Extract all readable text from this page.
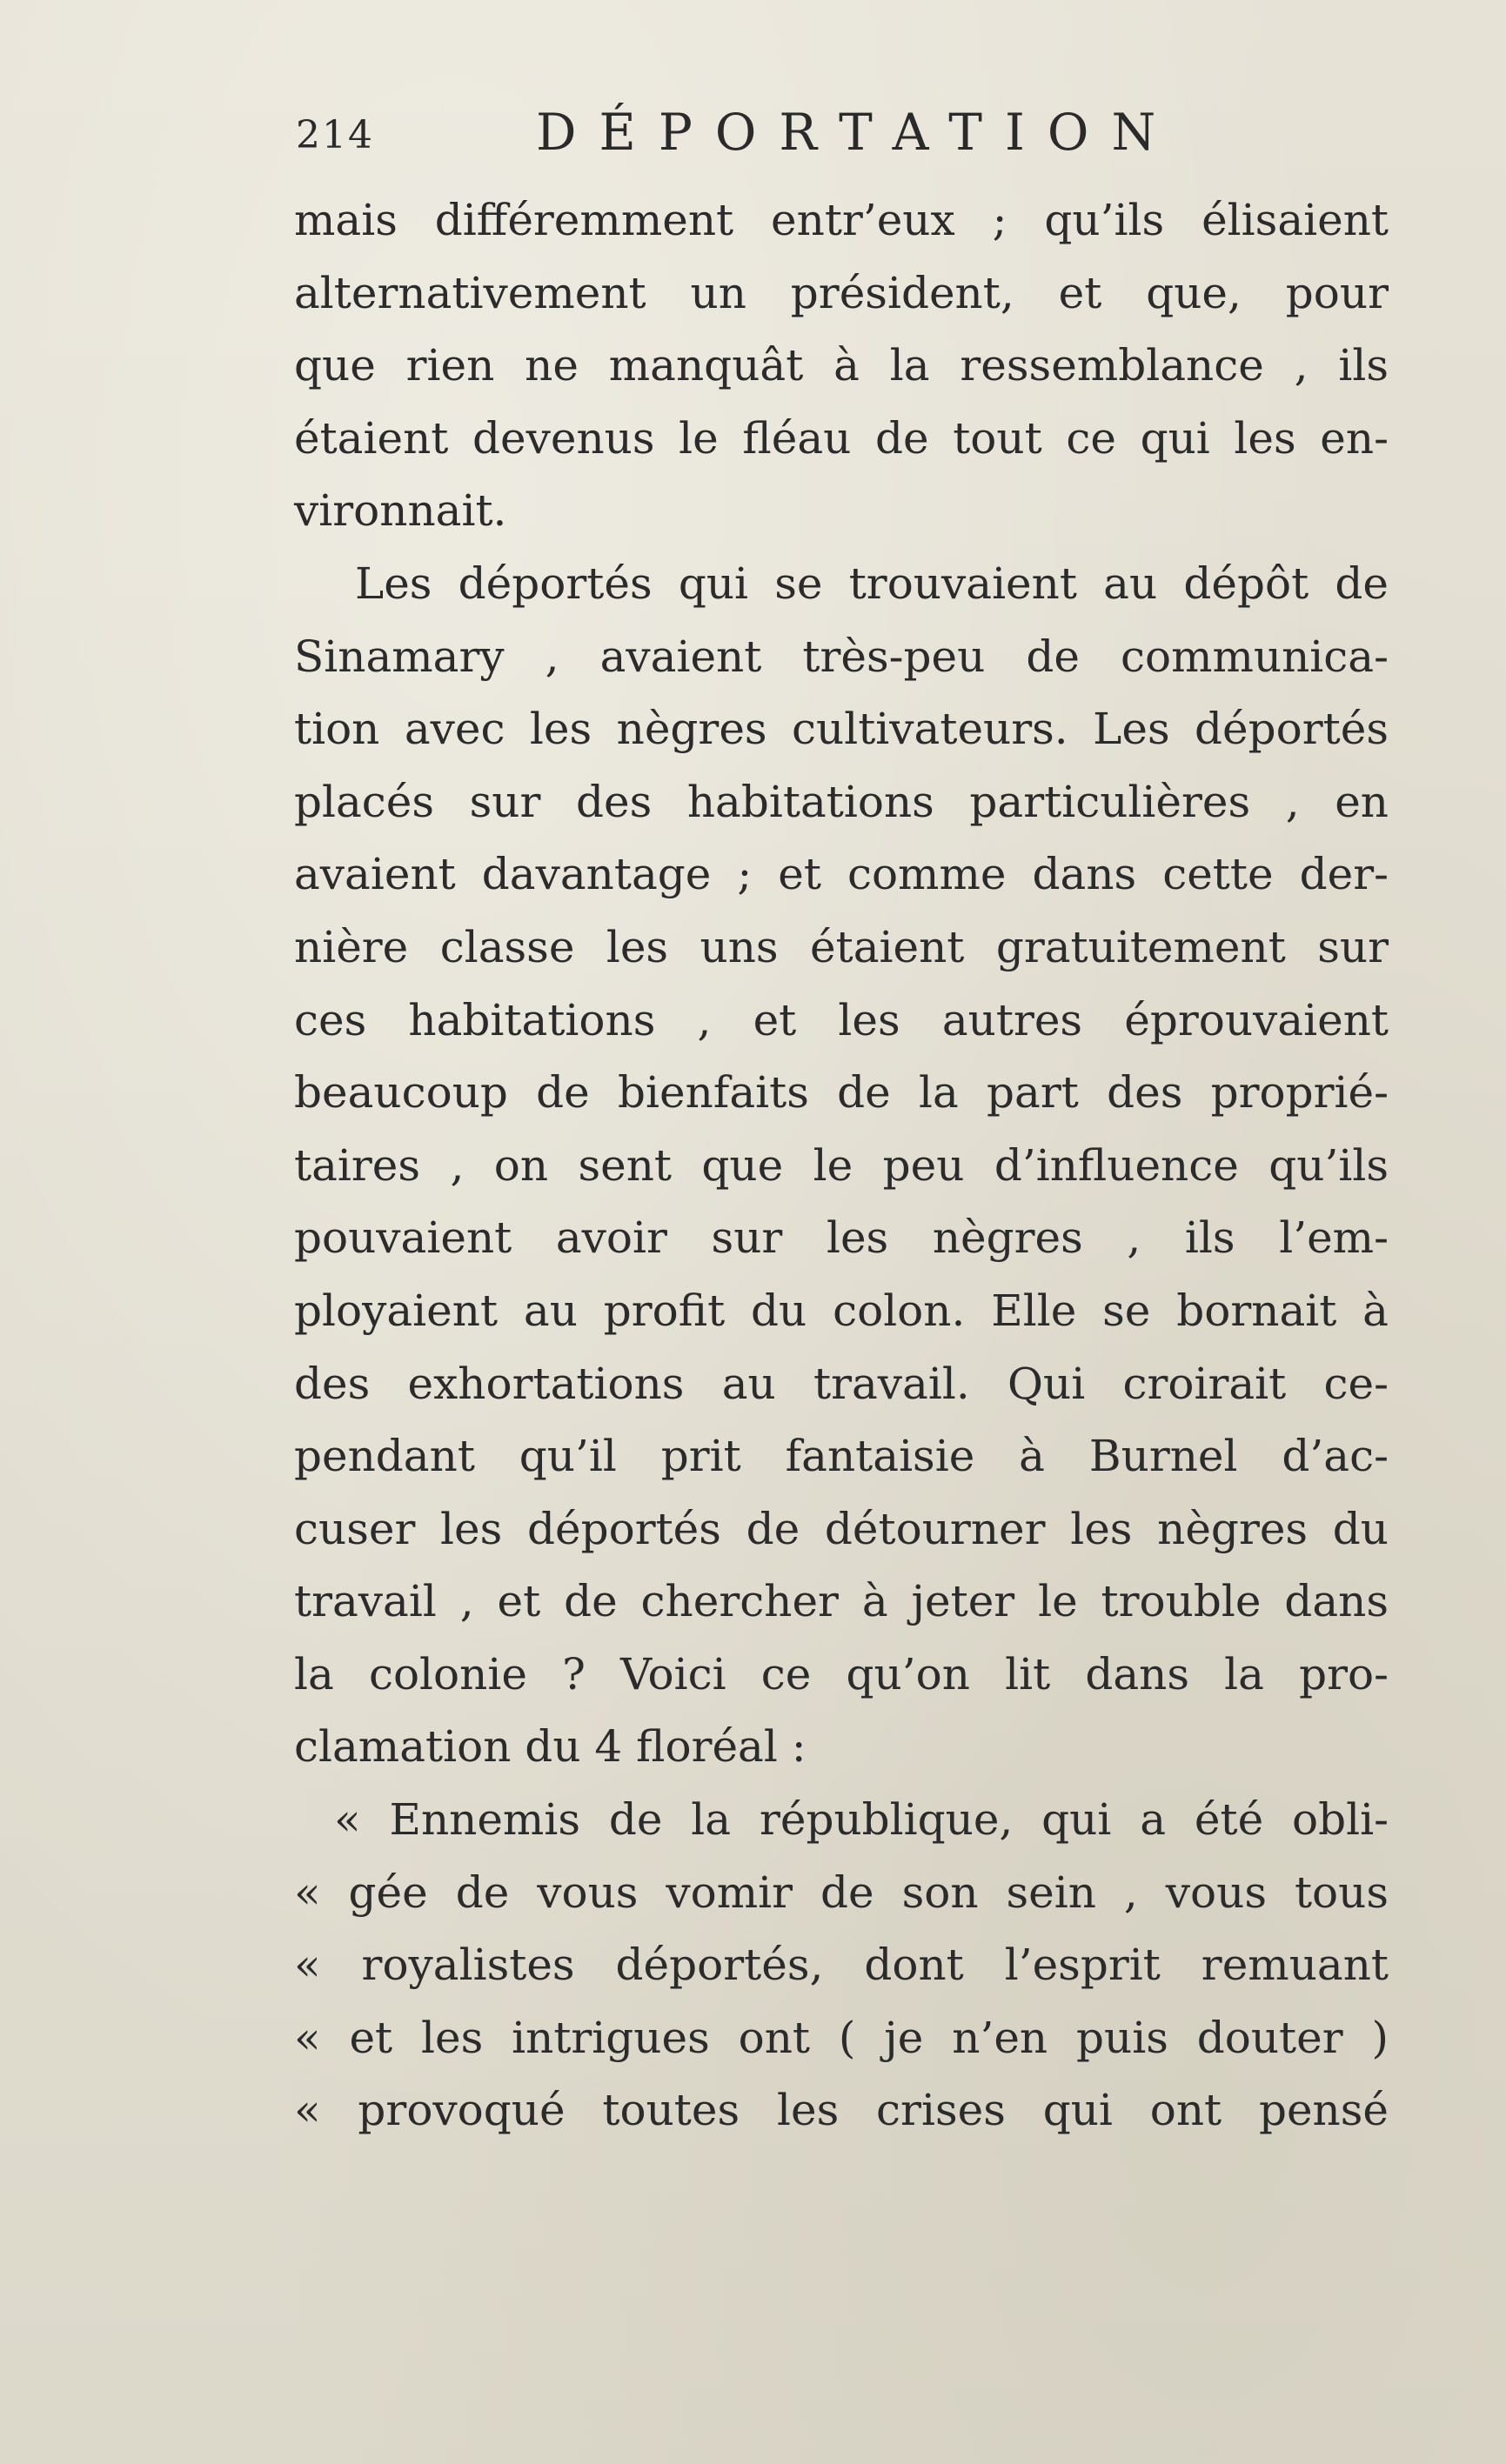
214	DÉPORTATION
mais différemment entr’eux ; qu’ils élisaient
alternativement un président, et que, pour
que rien ne manquât à la ressemblance , ils
étaient devenus le fléau de tout ce qui les en-
vironnait.
Les déportés qui se trouvaient au dépôt de
Sinamary , avaient très-peu de communica-
tion avec les nègres cultivateurs. Les déportés
placés sur des habitations particulières , en
avaient davantage ; et comme dans cette der-
nière classe les uns étaient gratuitement sur
ces habitations , et les autres éprouvaient
beaucoup de bienfaits de la part des proprié-
taires , on sent que le peu d’influence qu’ils
pouvaient avoir sur les nègres , ils l’em-
ployaient au profit du colon. Elle se bornait à
des exhortations au travail. Qui croirait ce-
pendant qu’il prit fantaisie à Burnel d’ac-
cuser les déportés de détourner les nègres du
travail , et de chercher à jeter le trouble dans
la colonie ? Voici ce qu’on lit dans la pro-
clamation du 4 floréal :
« Ennemis de la république, qui a été obli-
« gée de vous vomir de son sein , vous tous
« royalistes déportés, dont l’esprit remuant
« et les intrigues ont ( je n’en puis douter )
« provoqué toutes les crises qui ont pensé
